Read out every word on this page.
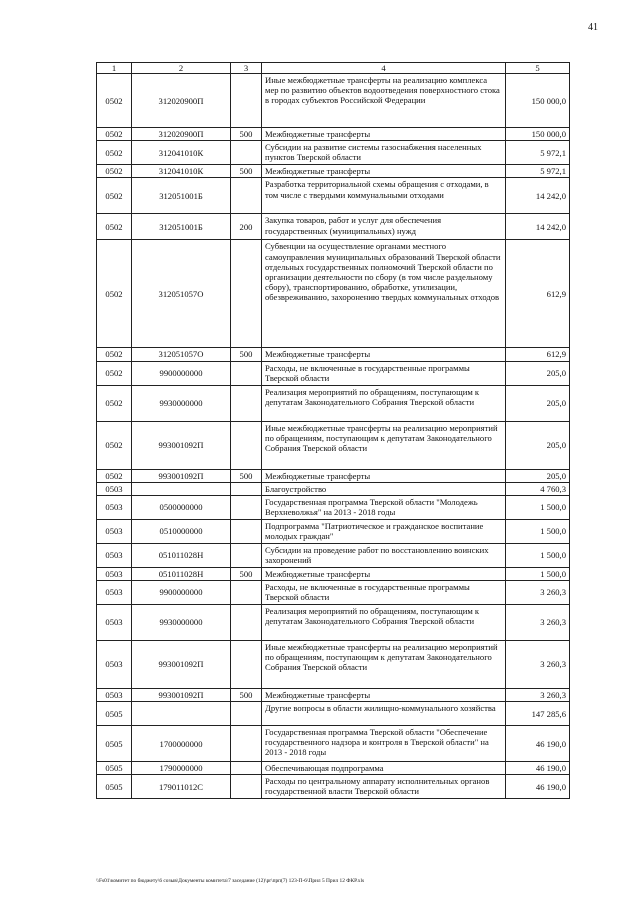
41
1	2	3	4	5
0502	312020900П		Иные межбюджетные трансферты на реализацию комплекса мер по развитию объектов водоотведения поверхностного стока в городах субъектов Российской Федерации	150 000,0
0502	312020900П	500	Межбюджетные трансферты	150 000,0
0502	312041010К		Субсидии на развитие системы газоснабжения населенных пунктов Тверской области	5 972,1
0502	312041010К	500	Межбюджетные трансферты	5 972,1
0502	312051001Б		Разработка территориальной схемы обращения с отходами, в том числе с твердыми коммунальными отходами	14 242,0
0502	312051001Б	200	Закупка товаров, работ и услуг для обеспечения государственных (муниципальных) нужд	14 242,0
0502	312051057О		Субвенции на осуществление органами местного самоуправления муниципальных образований Тверской области отдельных государственных полномочий Тверской области по организации деятельности по сбору (в том числе раздельному сбору), транспортированию, обработке, утилизации, обезвреживанию, захоронению твердых коммунальных отходов	612,9
0502	312051057О	500	Межбюджетные трансферты	612,9
0502	9900000000		Расходы, не включенные в государственные программы Тверской области	205,0
0502	9930000000		Реализация мероприятий по обращениям, поступающим к депутатам Законодательного Собрания Тверской области	205,0
0502	993001092П		Иные межбюджетные трансферты на реализацию мероприятий по обращениям, поступающим к депутатам Законодательного Собрания Тверской области	205,0
0502	993001092П	500	Межбюджетные трансферты	205,0
0503			Благоустройство	4 760,3
0503	0500000000		Государственная программа Тверской области "Молодежь Верхневолжья" на 2013 - 2018 годы	1 500,0
0503	0510000000		Подпрограмма "Патриотическое и гражданское воспитание молодых граждан"	1 500,0
0503	051011028Н		Субсидии на проведение работ по восстановлению воинских захоронений	1 500,0
0503	051011028Н	500	Межбюджетные трансферты	1 500,0
0503	9900000000		Расходы, не включенные в государственные программы Тверской области	3 260,3
0503	9930000000		Реализация мероприятий по обращениям, поступающим к депутатам Законодательного Собрания Тверской области	3 260,3
0503	993001092П		Иные межбюджетные трансферты на реализацию мероприятий по обращениям, поступающим к депутатам Законодательного Собрания Тверской области	3 260,3
0503	993001092П	500	Межбюджетные трансферты	3 260,3
0505			Другие вопросы в области жилищно-коммунального хозяйства	147 285,6
0505	1700000000		Государственная программа Тверской области "Обеспечение государственного надзора и контроля в Тверской области" на 2013 - 2018 годы	46 190,0
0505	1790000000		Обеспечивающая подпрограмма	46 190,0
0505	179011012С		Расходы по центральному аппарату исполнительных органов государственной власти Тверской области	46 190,0
\\Fs01\комитет по бюджету\6 созыв\Документы комитета\7 заседание (12)\pr\прп(7) 123-П-6\Прил 5 Прил 12 ФКР.xls
